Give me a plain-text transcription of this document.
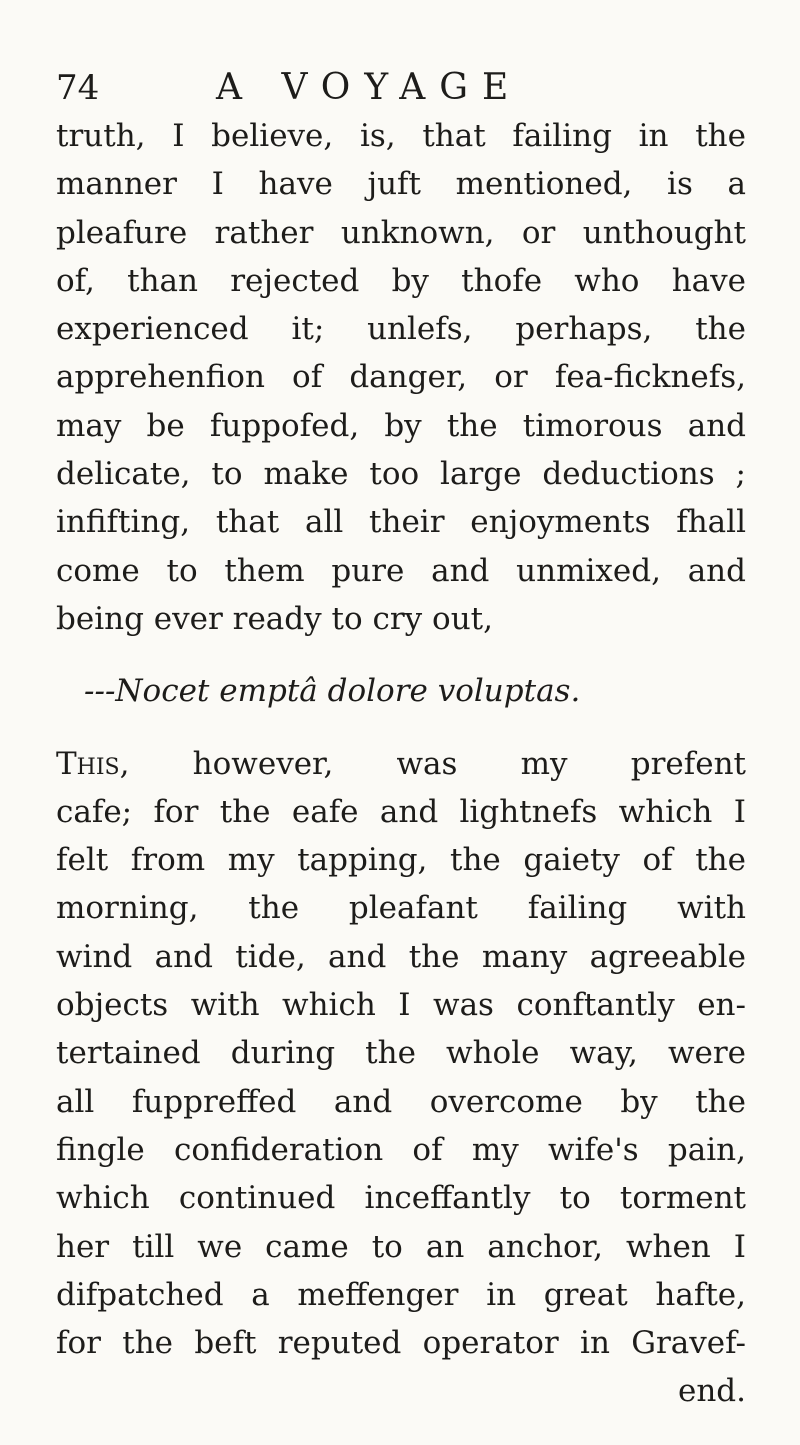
74	A VOYAGE
truth, I believe, is, that failing in the
manner I have juft mentioned, is a
pleafure rather unknown, or unthought
of, than rejected by thofe who have
experienced it; unlefs, perhaps, the
apprehenfion of danger, or fea-ficknefs,
may be fuppofed, by the timorous and
delicate, to make too large deductions ;
infifting, that all their enjoyments fhall
come to them pure and unmixed, and
being ever ready to cry out,
---Nocet emptâ dolore voluptas.
This, however, was my prefent
cafe; for the eafe and lightnefs which I
felt from my tapping, the gaiety of the
morning, the pleafant failing with
wind and tide, and the many agreeable
objects with which I was conftantly en-
tertained during the whole way, were
all fuppreffed and overcome by the
fingle confideration of my wife's pain,
which continued inceffantly to torment
her till we came to an anchor, when I
difpatched a meffenger in great hafte,
for the beft reputed operator in Gravef-
end.
